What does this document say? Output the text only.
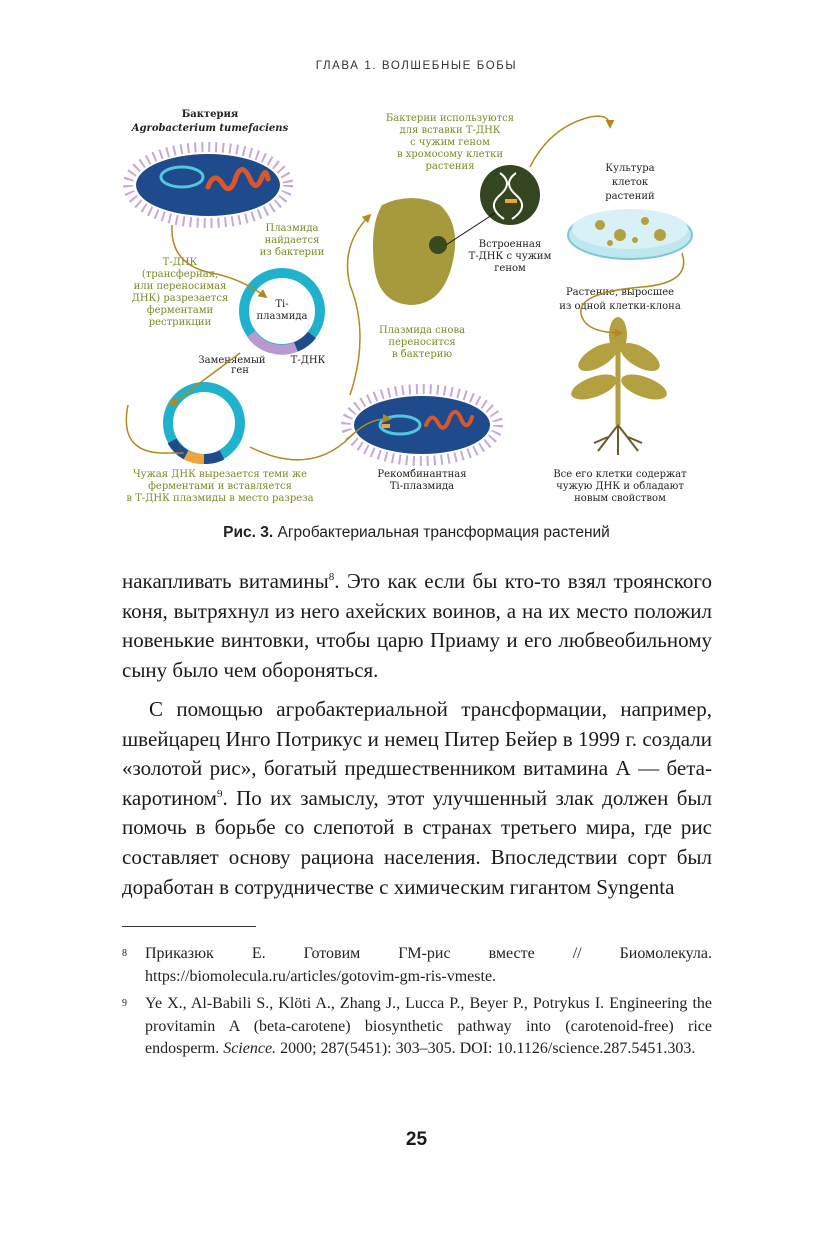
ГЛАВА 1. ВОЛШЕБНЫЕ БОБЫ
Бактерия
Agrobacterium tumefaciens
Плазмида
найдается
из бактерии
Т-ДНК
(трансферная,
или переносимая
ДНК) разрезается
ферментами
рестрикции
Ti-
плазмида
Заменяемый
ген
Т-ДНК
Чужая ДНК вырезается теми же
ферментами и вставляется
в Т-ДНК плазмиды в место разреза
Плазмида снова
переносится
в бактерию
Рекомбинантная
Ti-плазмида
Бактерии используются
для вставки Т-ДНК
с чужим геном
в хромосому клетки
растения
Встроенная
Т-ДНК с чужим
геном
Культура
клеток
растений
Растение, выросшее
из одной клетки-клона
Все его клетки содержат
чужую ДНК и обладают
новым свойством
Рис. 3. Агробактериальная трансформация растений

накапливать витамины$^8$. Это как если бы кто-то взял троянского коня, вытряхнул из него ахейских воинов, а на их место положил новенькие винтовки, чтобы царю Приаму и его любвеобильному сыну было чем обороняться.

С помощью агробактериальной трансформации, например, швейцарец Инго Потрикус и немец Питер Бейер в 1999 г. создали «золотой рис», богатый предшественником витамина А — бета-каротином$^9$. По их замыслу, этот улучшенный злак должен был помочь в борьбе со слепотой в странах третьего мира, где рис составляет основу рациона населения. Впоследствии сорт был доработан в сотрудничестве с химическим гигантом Syngenta

8 Приказюк Е. Готовим ГМ-рис вместе // Биомолекула. https://biomolecula.ru/articles/gotovim-gm-ris-vmeste.
9 Ye X., Al-Babili S., Klöti A., Zhang J., Lucca P., Beyer P., Potrykus I. Engineering the provitamin A (beta-carotene) biosynthetic pathway into (carotenoid-free) rice endosperm. Science. 2000; 287(5451): 303–305. DOI: 10.1126/science.287.5451.303.
25
